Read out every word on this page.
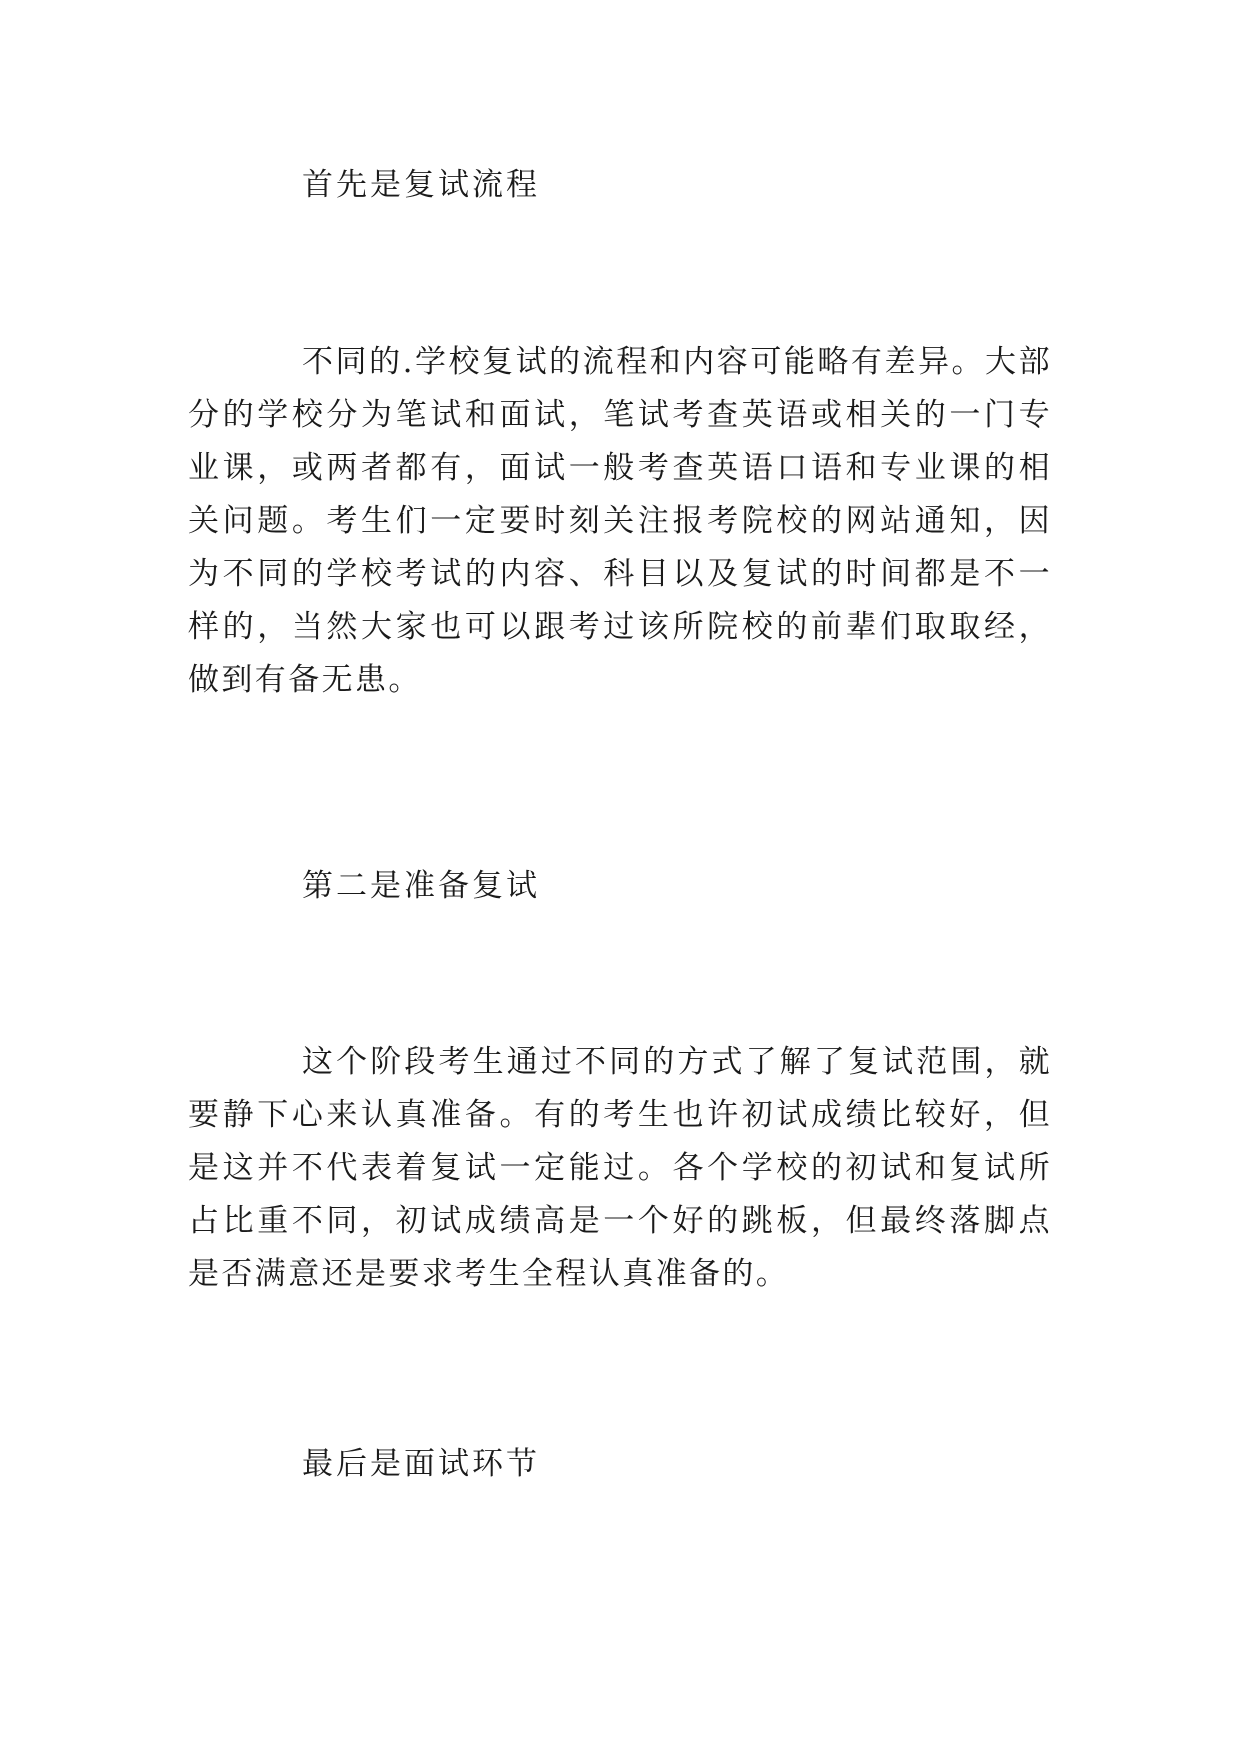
首先是复试流程

不同的.学校复试的流程和内容可能略有差异。大部分的学校分为笔试和面试，笔试考查英语或相关的一门专业课，或两者都有，面试一般考查英语口语和专业课的相关问题。考生们一定要时刻关注报考院校的网站通知，因为不同的学校考试的内容、科目以及复试的时间都是不一样的，当然大家也可以跟考过该所院校的前辈们取取经，做到有备无患。

第二是准备复试

这个阶段考生通过不同的方式了解了复试范围，就要静下心来认真准备。有的考生也许初试成绩比较好，但是这并不代表着复试一定能过。各个学校的初试和复试所占比重不同，初试成绩高是一个好的跳板，但最终落脚点是否满意还是要求考生全程认真准备的。

最后是面试环节
